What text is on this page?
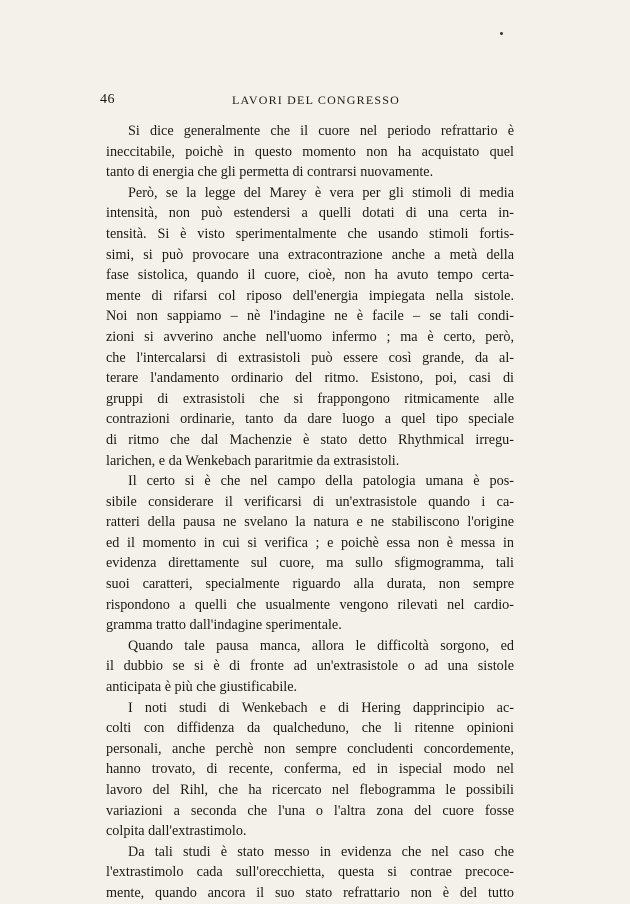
46	LAVORI DEL CONGRESSO
Si dice generalmente che il cuore nel periodo refrattario è
ineccitabile, poichè in questo momento non ha acquistato quel
tanto di energia che gli permetta di contrarsi nuovamente.
Però, se la legge del Marey è vera per gli stimoli di media
intensità, non può estendersi a quelli dotati di una certa in-
tensità. Si è visto sperimentalmente che usando stimoli fortis-
simi, si può provocare una extracontrazione anche a metà della
fase sistolica, quando il cuore, cioè, non ha avuto tempo certa-
mente di rifarsi col riposo dell'energia impiegata nella sistole.
Noi non sappiamo – nè l'indagine ne è facile – se tali condi-
zioni si avverino anche nell'uomo infermo ; ma è certo, però,
che l'intercalarsi di extrasistoli può essere così grande, da al-
terare l'andamento ordinario del ritmo. Esistono, poi, casi di
gruppi di extrasistoli che si frappongono ritmicamente alle
contrazioni ordinarie, tanto da dare luogo a quel tipo speciale
di ritmo che dal Machenzie è stato detto Rhythmical irregu-
larichen, e da Wenkebach pararitmie da extrasistoli.
Il certo si è che nel campo della patologia umana è pos-
sibile considerare il verificarsi di un'extrasistole quando i ca-
ratteri della pausa ne svelano la natura e ne stabiliscono l'origine
ed il momento in cui si verifica ; e poichè essa non è messa in
evidenza direttamente sul cuore, ma sullo sfigmogramma, tali
suoi caratteri, specialmente riguardo alla durata, non sempre
rispondono a quelli che usualmente vengono rilevati nel cardio-
gramma tratto dall'indagine sperimentale.
Quando tale pausa manca, allora le difficoltà sorgono, ed
il dubbio se si è di fronte ad un'extrasistole o ad una sistole
anticipata è più che giustificabile.
I noti studi di Wenkebach e di Hering dapprincipio ac-
colti con diffidenza da qualcheduno, che li ritenne opinioni
personali, anche perchè non sempre concludenti concordemente,
hanno trovato, di recente, conferma, ed in ispecial modo nel
lavoro del Rihl, che ha ricercato nel flebogramma le possibili
variazioni a seconda che l'una o l'altra zona del cuore fosse
colpita dall'extrastimolo.
Da tali studi è stato messo in evidenza che nel caso che
l'extrastimolo cada sull'orecchietta, questa si contrae precoce-
mente, quando ancora il suo stato refrattario non è del tutto
